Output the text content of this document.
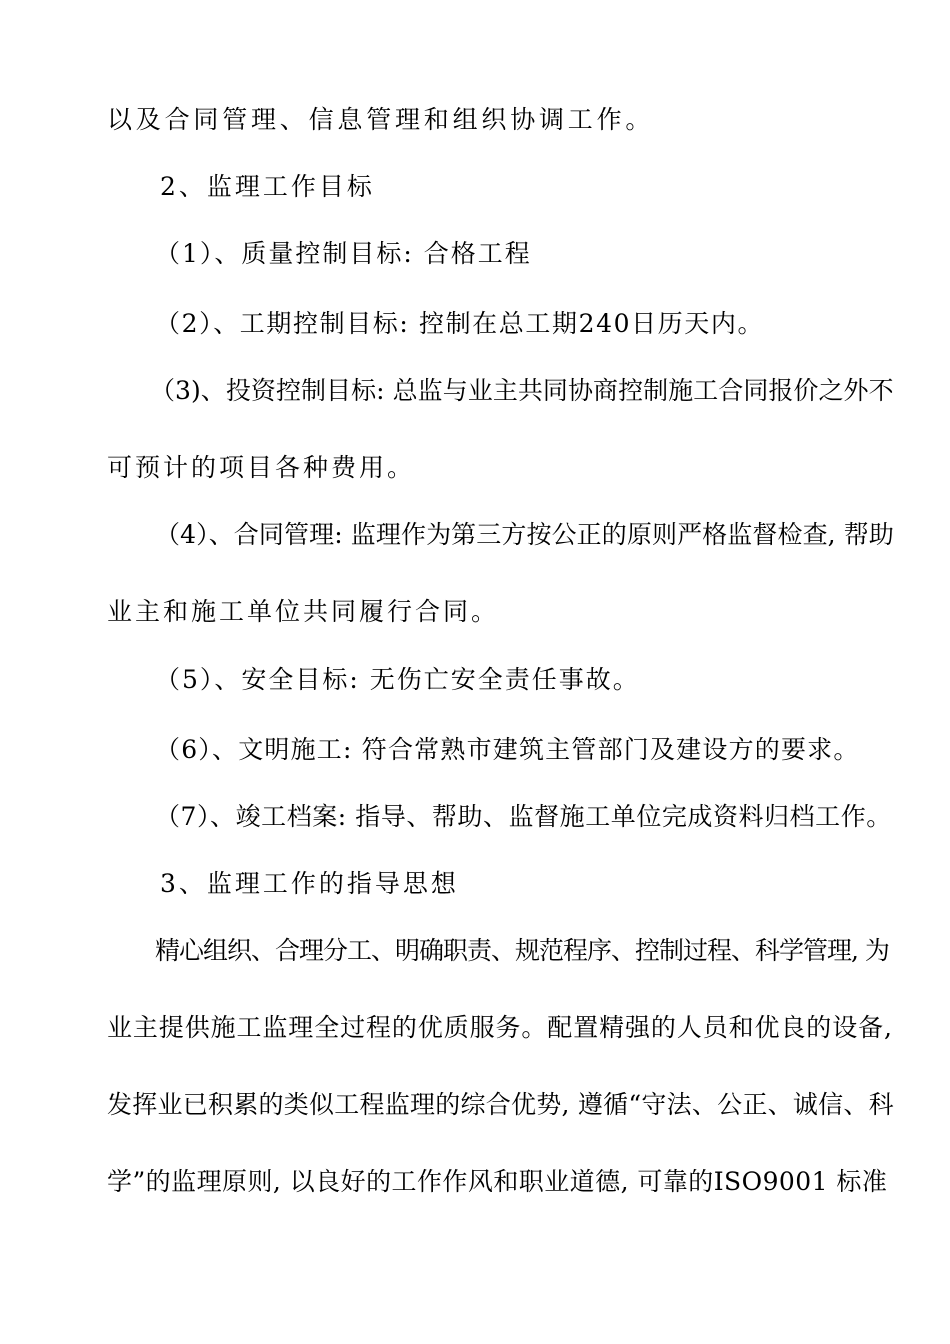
以及合同管理、信息管理和组织协调工作。
2、监理工作目标
（1）、质量控制目标: 合格工程
（2）、工期控制目标: 控制在总工期240日历天内。
（3)、投资控制目标: 总监与业主共同协商控制施工合同报价之外不
可预计的项目各种费用。
（4）、合同管理: 监理作为第三方按公正的原则严格监督检查, 帮助
业主和施工单位共同履行合同。
（5）、安全目标: 无伤亡安全责任事故。
（6）、文明施工: 符合常熟市建筑主管部门及建设方的要求。
（7）、竣工档案: 指导、帮助、监督施工单位完成资料归档工作。
3、监理工作的指导思想
精心组织、合理分工、明确职责、规范程序、控制过程、科学管理, 为
业主提供施工监理全过程的优质服务。配置精强的人员和优良的设备,
发挥业已积累的类似工程监理的综合优势, 遵循“守法、公正、诚信、科
学”的监理原则, 以良好的工作作风和职业道德, 可靠的ISO9001 标准
